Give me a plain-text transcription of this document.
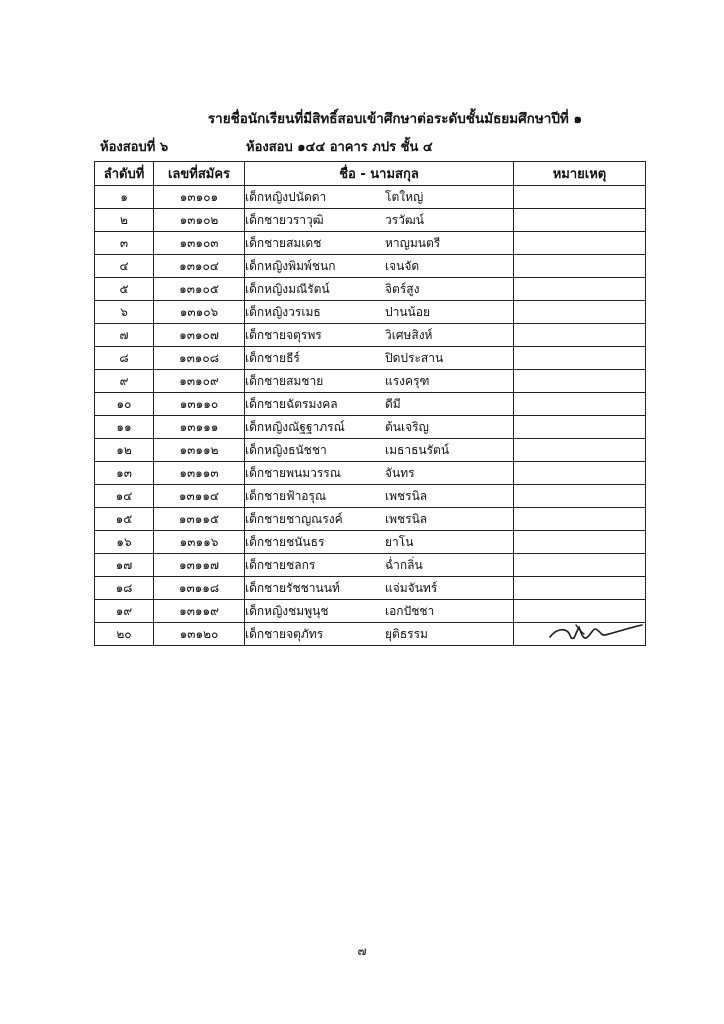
รายชื่อนักเรียนที่มีสิทธิ์สอบเข้าศึกษาต่อระดับชั้นมัธยมศึกษาปีที่ ๑
ห้องสอบที่ ๖	ห้องสอบ ๑๔๔ อาคาร ภปร ชั้น ๔
ลำดับที่	เลขที่สมัคร	ชื่อ - นามสกุล	หมายเหตุ
๑	๑๓๑๐๑	เด็กหญิงปนัดดา โตใหญ่	
๒	๑๓๑๐๒	เด็กชายวราวุฒิ วรวัฒน์	
๓	๑๓๑๐๓	เด็กชายสมเดช หาญมนตรี	
๔	๑๓๑๐๔	เด็กหญิงพิมพ์ชนก เจนจัด	
๕	๑๓๑๐๕	เด็กหญิงมณีรัตน์ จิตร์สูง	
๖	๑๓๑๐๖	เด็กหญิงวรเมธ ปานน้อย	
๗	๑๓๑๐๗	เด็กชายจตุรพร วิเศษสิงห์	
๘	๑๓๑๐๘	เด็กชายธีร์ ปิดประสาน	
๙	๑๓๑๐๙	เด็กชายสมชาย แรงครุฑ	
๑๐	๑๓๑๑๐	เด็กชายฉัตรมงคล ดีมี	
๑๑	๑๓๑๑๑	เด็กหญิงณัฐฐาภรณ์ ต้นเจริญ	
๑๒	๑๓๑๑๒	เด็กหญิงธนัชชา เมธาธนรัตน์	
๑๓	๑๓๑๑๓	เด็กชายพนมวรรณ จันทร	
๑๔	๑๓๑๑๔	เด็กชายฟ้าอรุณ เพชรนิล	
๑๕	๑๓๑๑๕	เด็กชายชาญณรงค์ เพชรนิล	
๑๖	๑๓๑๑๖	เด็กชายชนันธร ยาโน	
๑๗	๑๓๑๑๗	เด็กชายชลกร ฉ่ำกลิ่น	
๑๘	๑๓๑๑๘	เด็กชายรัชชานนท์ แจ่มจันทร์	
๑๙	๑๓๑๑๙	เด็กหญิงชมพูนุช เอกปัชชา	
๒๐	๑๓๑๒๐	เด็กชายจตุภัทร ยุติธรรม	
๗
